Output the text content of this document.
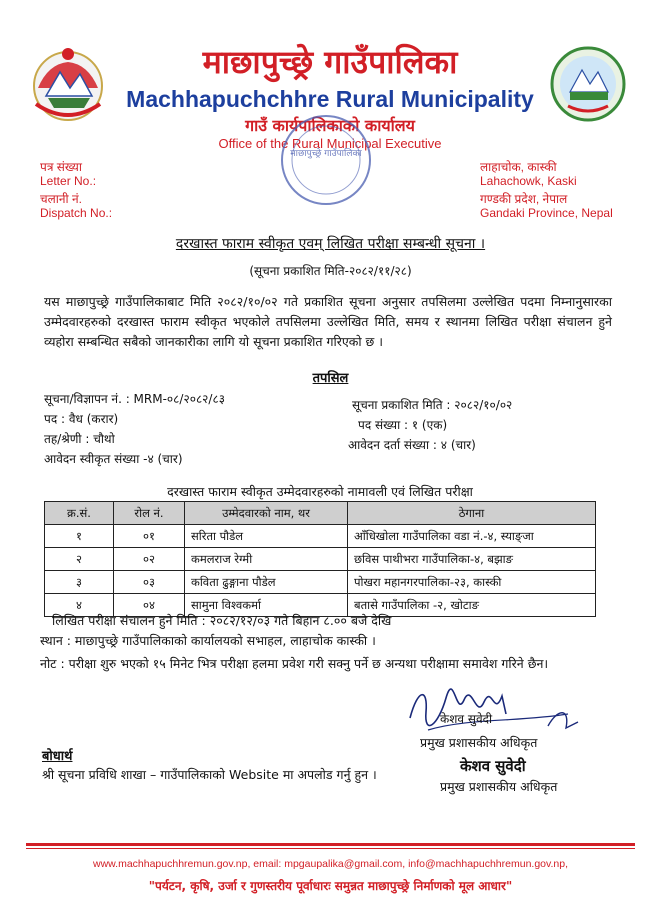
माछापुच्छ्रे गाउँपालिका
Machhapuchchhre Rural Municipality
गाउँ कार्यपालिकाको कार्यालय
Office of the Rural Municipal Executive
माछापुच्छ्रे गाउँपालिका
पत्र संख्या
Letter No.:
चलानी नं.
Dispatch No.:
लाहाचोक, कास्की
Lahachowk, Kaski
गण्डकी प्रदेश, नेपाल
Gandaki Province, Nepal
दरखास्त फाराम स्वीकृत एवम् लिखित परीक्षा सम्बन्धी सूचना ।
(सूचना प्रकाशित मिति-२०८२/११/२८)
यस माछापुच्छ्रे गाउँपालिकाबाट मिति २०८२/१०/०२ गते प्रकाशित सूचना अनुसार तपसिलमा उल्लेखित पदमा निम्नानुसारका उम्मेदवारहरुको दरखास्त फाराम स्वीकृत भएकोले तपसिलमा उल्लेखित मिति, समय र स्थानमा लिखित परीक्षा संचालन हुने व्यहोरा सम्बन्धित सबैको जानकारीका लागि यो सूचना प्रकाशित गरिएको छ ।
तपसिल
सूचना/विज्ञापन नं. : MRM-०८/२०८२/८३
पद : वैध (करार)
तह/श्रेणी : चौथो
आवेदन स्वीकृत संख्या -४ (चार)
सूचना प्रकाशित मिति : २०८२/१०/०२
पद संख्या : १ (एक)
आवेदन दर्ता संख्या : ४ (चार)
दरखास्त फाराम स्वीकृत उम्मेदवारहरुको नामावली एवं लिखित परीक्षा
क्र.सं.	रोल नं.	उम्मेदवारको नाम, थर	ठेगाना
१	०१	सरिता पौडेल	आँधिखोला गाउँपालिका वडा नं.-४, स्याङ्जा
२	०२	कमलराज रेग्मी	छविस पाथीभरा गाउँपालिका-४, बझाङ
३	०३	कविता ढुङ्गाना पौडेल	पोखरा महानगरपालिका-२३, कास्की
४	०४	सामुना विश्वकर्मा	बतासे गाउँपालिका -२, खोटाङ
लिखित परीक्षा संचालन हुने मिति : २०८२/१२/०३ गते बिहान ८.०० बजे देखि
स्थान : माछापुच्छ्रे गाउँपालिकाको कार्यालयको सभाहल, लाहाचोक कास्की ।
नोट : परीक्षा शुरु भएको १५ मिनेट भित्र परीक्षा हलमा प्रवेश गरी सक्नु पर्ने छ अन्यथा परीक्षामा समावेश गरिने छैन।
केशव सुवेदी
प्रमुख प्रशासकीय अधिकृत
केशव सुवेदी
प्रमुख प्रशासकीय अधिकृत
बोधार्थ
श्री सूचना प्रविधि शाखा – गाउँपालिकाको Website मा अपलोड गर्नु हुन ।
www.machhapuchhremun.gov.np, email: mpgaupalika@gmail.com, info@machhapuchhremun.gov.np,
"पर्यटन, कृषि, उर्जा र गुणस्तरीय पूर्वाधारः समुन्नत माछापुच्छ्रे निर्माणको मूल आधार"
